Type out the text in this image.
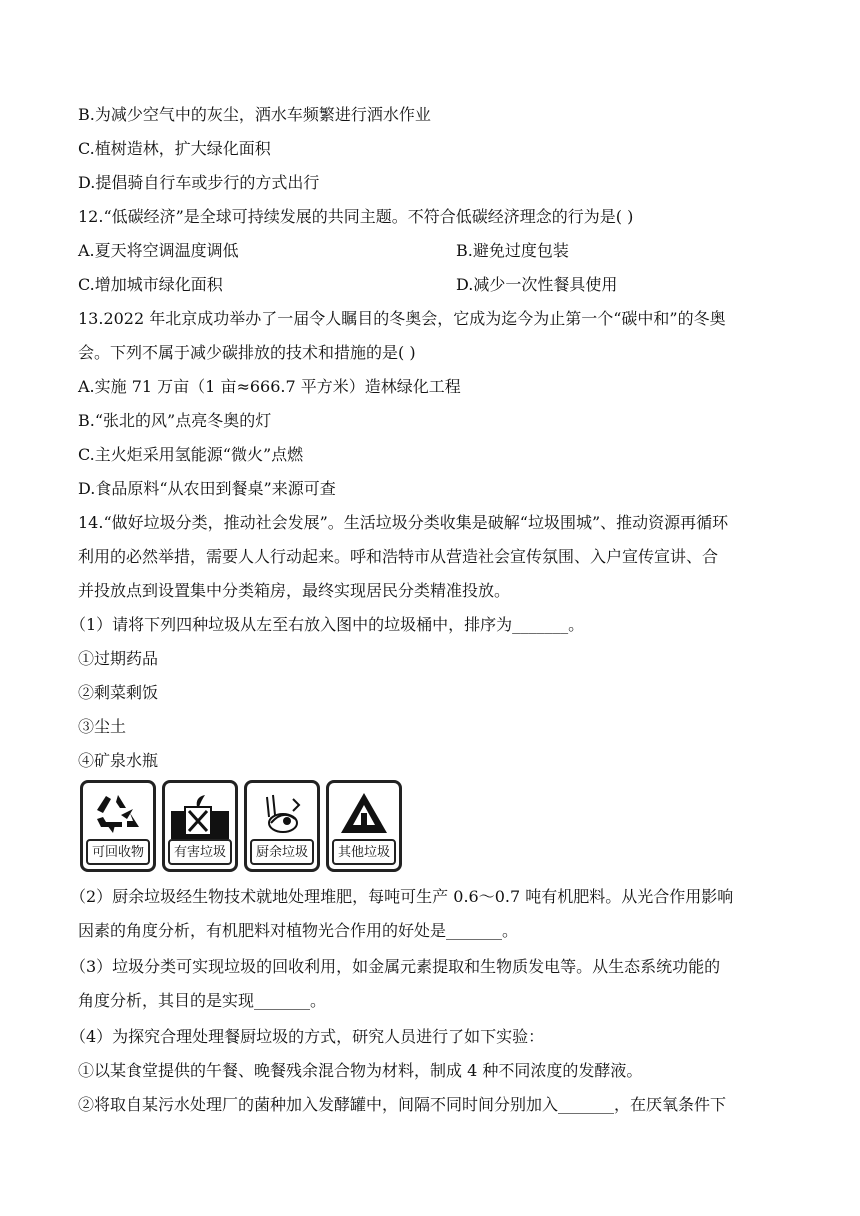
B.为减少空气中的灰尘，洒水车频繁进行洒水作业
C.植树造林，扩大绿化面积
D.提倡骑自行车或步行的方式出行
12.“低碳经济”是全球可持续发展的共同主题。不符合低碳经济理念的行为是( )
A.夏天将空调温度调低	B.避免过度包装
C.增加城市绿化面积	D.减少一次性餐具使用
13.2022 年北京成功举办了一届令人瞩目的冬奥会，它成为迄今为止第一个“碳中和”的冬奥
会。下列不属于减少碳排放的技术和措施的是( )
A.实施 71 万亩（1 亩≈666.7 平方米）造林绿化工程
B.“张北的风”点亮冬奥的灯
C.主火炬采用氢能源“微火”点燃
D.食品原料“从农田到餐桌”来源可查
14.“做好垃圾分类，推动社会发展”。生活垃圾分类收集是破解“垃圾围城”、推动资源再循环
利用的必然举措，需要人人行动起来。呼和浩特市从营造社会宣传氛围、入户宣传宣讲、合
并投放点到设置集中分类箱房，最终实现居民分类精准投放。
（1）请将下列四种垃圾从左至右放入图中的垃圾桶中，排序为_______。
①过期药品
②剩菜剩饭
③尘土
④矿泉水瓶
可回收物	有害垃圾	厨余垃圾	其他垃圾
（2）厨余垃圾经生物技术就地处理堆肥，每吨可生产 0.6～0.7 吨有机肥料。从光合作用影响
因素的角度分析，有机肥料对植物光合作用的好处是_______。
（3）垃圾分类可实现垃圾的回收利用，如金属元素提取和生物质发电等。从生态系统功能的
角度分析，其目的是实现_______。
（4）为探究合理处理餐厨垃圾的方式，研究人员进行了如下实验：
①以某食堂提供的午餐、晚餐残余混合物为材料，制成 4 种不同浓度的发酵液。
②将取自某污水处理厂的菌种加入发酵罐中，间隔不同时间分别加入_______，在厌氧条件下
